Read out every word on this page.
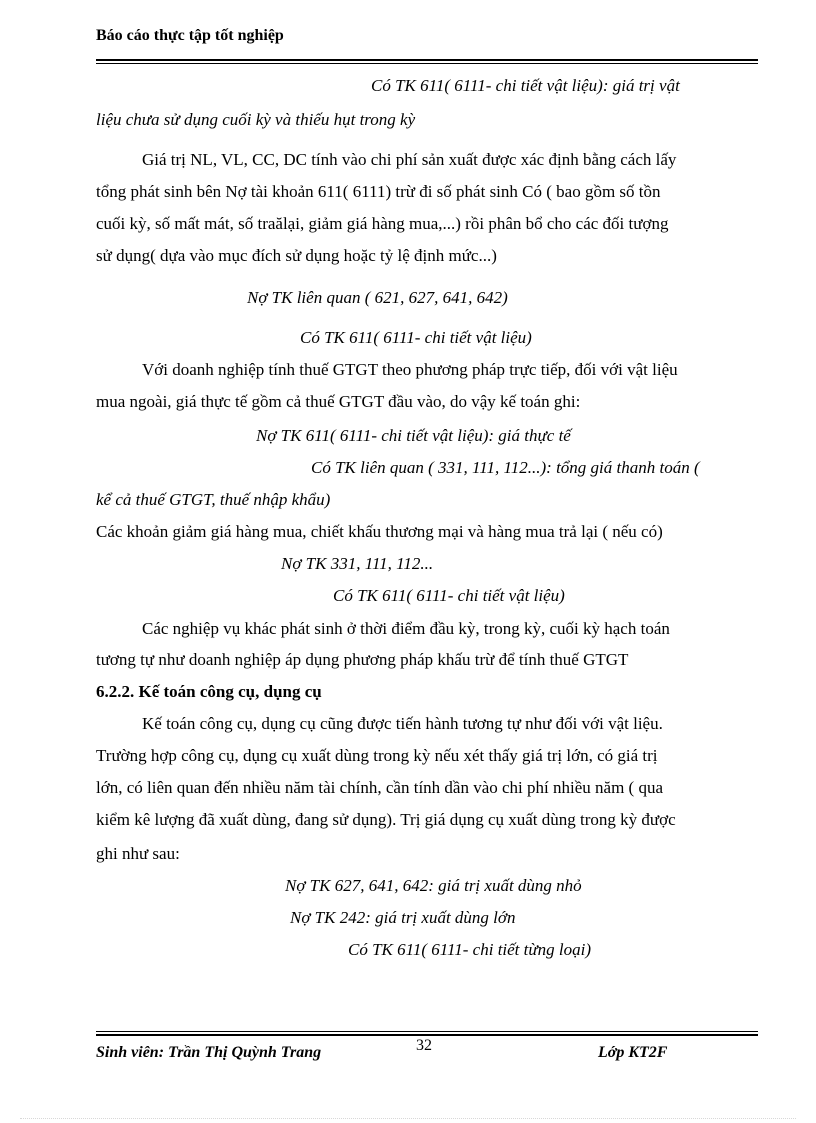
Báo cáo thực tập tốt nghiệp
Có TK 611( 6111- chi tiết vật liệu): giá trị vật
liệu chưa sử dụng cuối kỳ và thiếu hụt trong kỳ
Giá trị NL, VL, CC, DC tính vào chi phí sản xuất được xác định bằng cách lấy
tổng phát sinh bên Nợ tài khoản 611( 6111) trừ đi số phát sinh Có ( bao gồm số tồn
cuối kỳ, số mất mát, số traălại, giảm giá hàng mua,...) rồi phân bổ cho các đối tượng
sử dụng( dựa vào mục đích sử dụng hoặc tỷ lệ định mức...)
Nợ TK liên quan ( 621, 627, 641, 642)
Có TK 611( 6111- chi tiết vật liệu)
Với doanh nghiệp tính thuế GTGT theo phương pháp trực tiếp, đối với vật liệu
mua ngoài, giá thực tế gồm cả thuế GTGT đầu vào, do vậy kế toán ghi:
Nợ TK 611( 6111- chi tiết vật liệu): giá thực tế
Có TK liên quan ( 331, 111, 112...): tổng giá thanh toán (
kể cả thuế GTGT, thuế nhập khẩu)
Các khoản giảm giá hàng mua, chiết khấu thương mại và hàng mua trả lại ( nếu có)
Nợ TK 331, 111, 112...
Có TK 611( 6111- chi tiết vật liệu)
Các nghiệp vụ khác phát sinh ở thời điểm đầu kỳ, trong kỳ, cuối kỳ hạch toán
tương tự như doanh nghiệp áp dụng phương pháp khấu trừ để tính thuế GTGT
6.2.2. Kế toán công cụ, dụng cụ
Kế toán công cụ, dụng cụ cũng được tiến hành tương tự như đối với vật liệu.
Trường hợp công cụ, dụng cụ xuất dùng trong kỳ nếu xét thấy giá trị lớn, có giá trị
lớn, có liên quan đến nhiều năm tài chính, cần tính dần vào chi phí nhiều năm ( qua
kiểm kê lượng đã xuất dùng, đang sử dụng). Trị giá dụng cụ xuất dùng trong kỳ được
ghi như sau:
Nợ TK 627, 641, 642: giá trị xuất dùng nhỏ
Nợ TK 242: giá trị xuất dùng lớn
Có TK 611( 6111- chi tiết từng loại)
Sinh viên: Trần Thị Quỳnh Trang	32	Lớp KT2F
